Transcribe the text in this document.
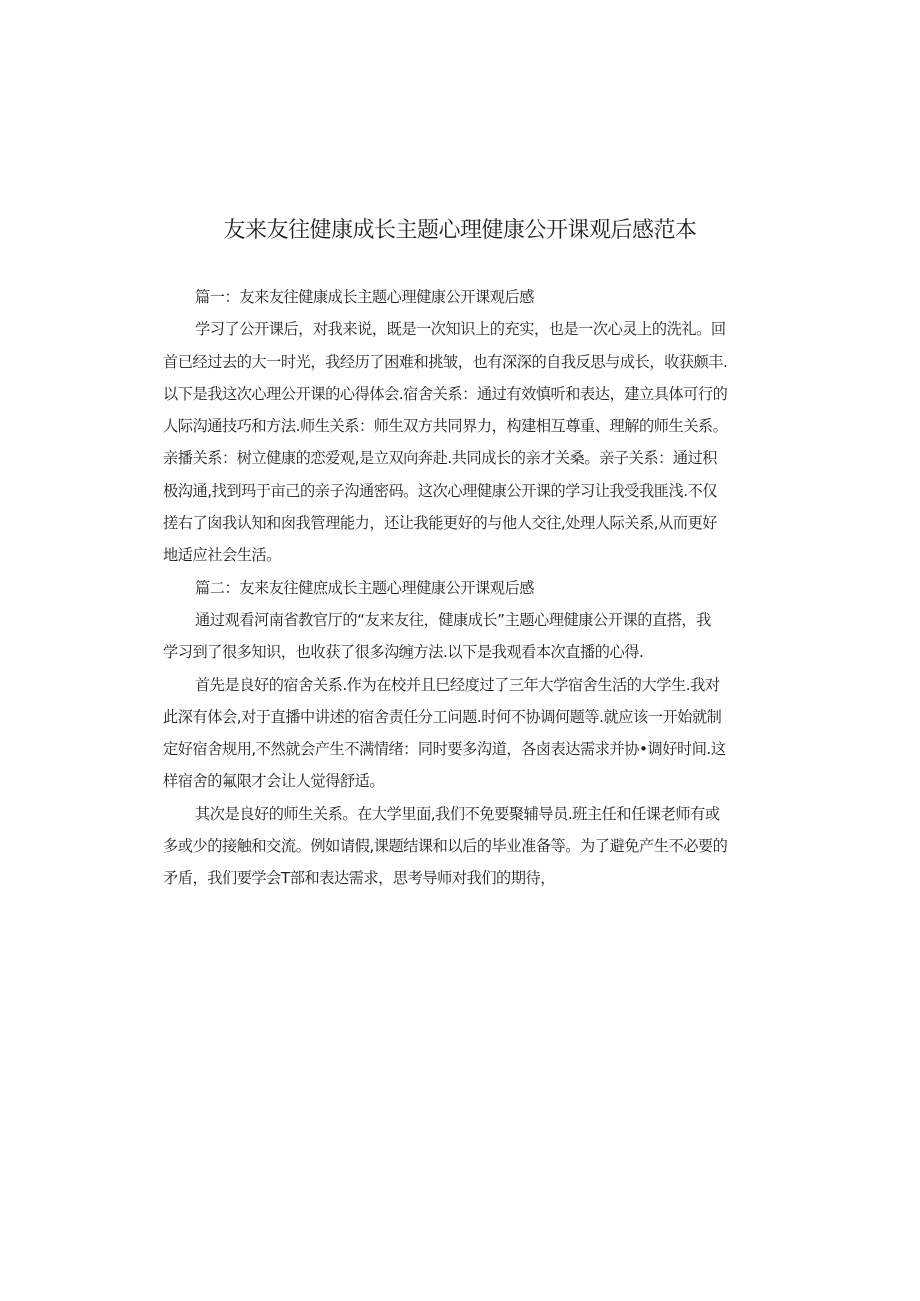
友来友往健康成长主题心理健康公开课观后感范本
篇一：友来友往健康成长主题心理健康公开课观后感
学习了公开课后，对我来说，既是一次知识上的充实，也是一次心灵上的洗礼。回
首已经过去的大一时光，我经历了困难和挑皱，也有深深的自我反思与成长，收获颇丰.
以下是我这次心理公开课的心得体会.宿舍关系：通过有效慎听和表达，建立具体可行的
人际沟通技巧和方法.师生关系：师生双方共同界力，构建相互尊重、理解的师生关系。
亲播关系：树立健康的恋爱观,是立双向奔赴.共同成长的亲才关桑。亲子关系：通过积
极沟通,找到玛于亩己的亲子沟通密码。这次心理健康公开课的学习让我受我匪浅.不仅
搓右了囱我认知和囱我管理能力，还让我能更好的与他人交往,处理人际关系,从而更好
地适应社会生活。
篇二：友来友往健庶成长主题心理健康公开课观后感
通过观看河南省教官厅的“友来友往，健康成长”主题心理健康公开课的直搭，我
学习到了很多知识，也收获了很多沟缠方法.以下是我观看本次直播的心得.
首先是良好的宿舍关系.作为在校并且巳经度过了三年大学宿舍生活的大学生.我对
此深有体会,对于直播中讲述的宿舍责任分工问题.时何不协调何题等.就应该一开始就制
定好宿舍规用,不然就会产生不满情绪：同时要多沟道，各卤表达需求并协•调好时间.这
样宿舍的氟限才会让人觉得舒适。
其次是良好的师生关系。在大学里面,我们不免要聚辅导员.班主任和任课老师有或
多或少的接触和交流。例如请假,课题结课和以后的毕业准备等。为了避免产生不必要的
矛盾，我们要学会T部和表达需求，思考导师对我们的期待，
